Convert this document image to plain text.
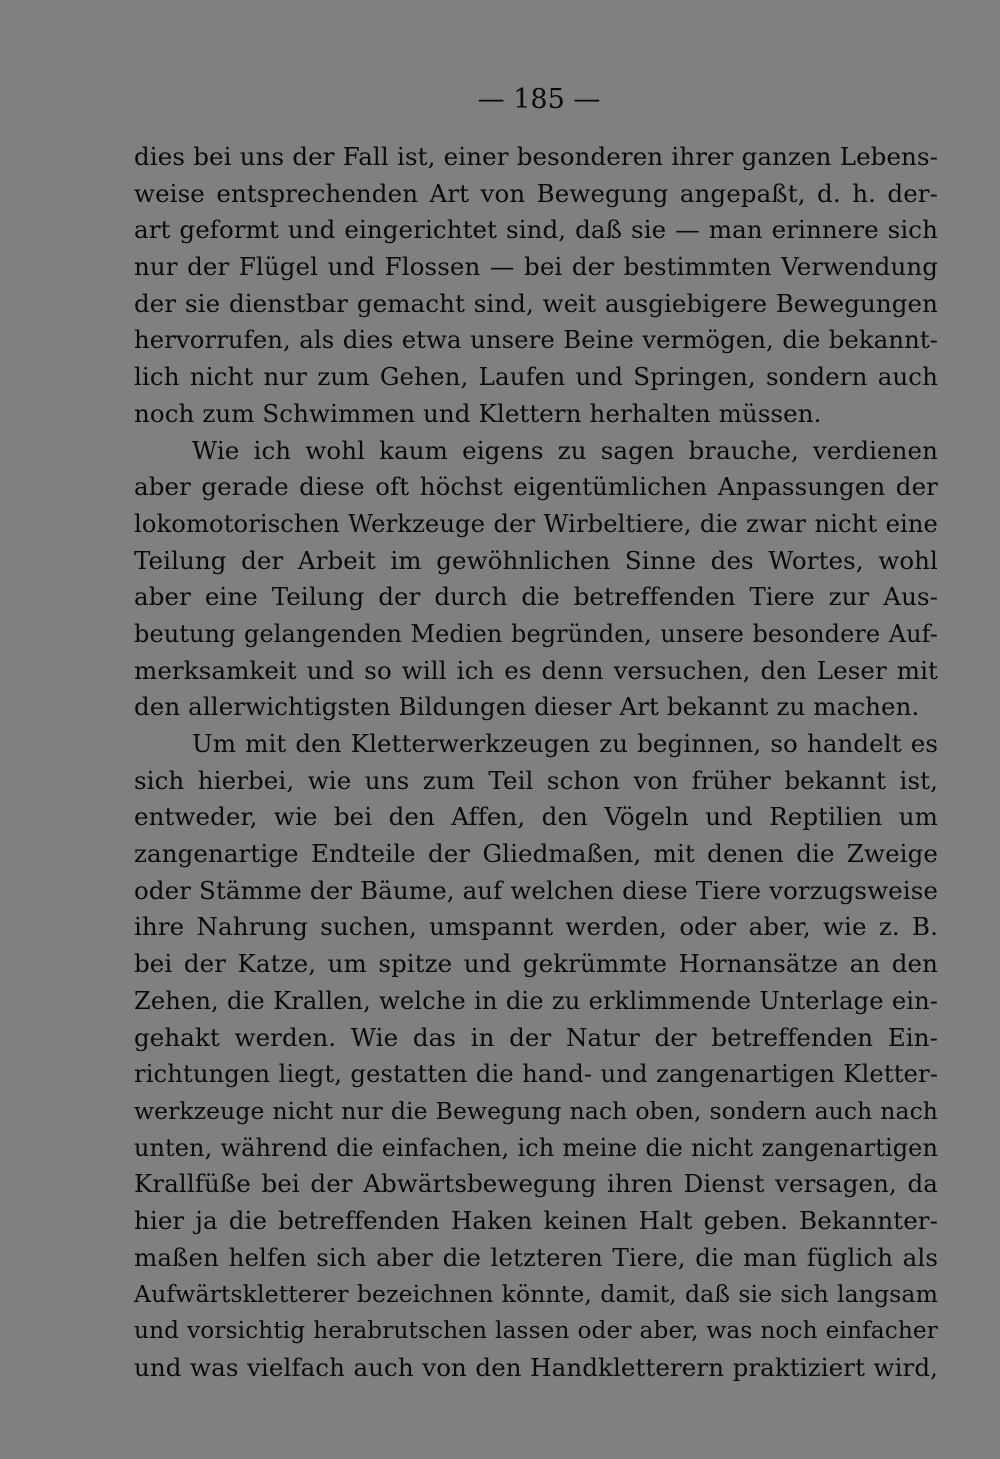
— 185 —
dies bei uns der Fall ist, einer besonderen ihrer ganzen Lebens-
weise entsprechenden Art von Bewegung angepaßt, d. h. der-
art geformt und eingerichtet sind, daß sie — man erinnere sich
nur der Flügel und Flossen — bei der bestimmten Verwendung
der sie dienstbar gemacht sind, weit ausgiebigere Bewegungen
hervorrufen, als dies etwa unsere Beine vermögen, die bekannt-
lich nicht nur zum Gehen, Laufen und Springen, sondern auch
noch zum Schwimmen und Klettern herhalten müssen.
Wie ich wohl kaum eigens zu sagen brauche, verdienen
aber gerade diese oft höchst eigentümlichen Anpassungen der
lokomotorischen Werkzeuge der Wirbeltiere, die zwar nicht eine
Teilung der Arbeit im gewöhnlichen Sinne des Wortes, wohl
aber eine Teilung der durch die betreffenden Tiere zur Aus-
beutung gelangenden Medien begründen, unsere besondere Auf-
merksamkeit und so will ich es denn versuchen, den Leser mit
den allerwichtigsten Bildungen dieser Art bekannt zu machen.
Um mit den Kletterwerkzeugen zu beginnen, so handelt es
sich hierbei, wie uns zum Teil schon von früher bekannt ist,
entweder, wie bei den Affen, den Vögeln und Reptilien um
zangenartige Endteile der Gliedmaßen, mit denen die Zweige
oder Stämme der Bäume, auf welchen diese Tiere vorzugsweise
ihre Nahrung suchen, umspannt werden, oder aber, wie z. B.
bei der Katze, um spitze und gekrümmte Hornansätze an den
Zehen, die Krallen, welche in die zu erklimmende Unterlage ein-
gehakt werden. Wie das in der Natur der betreffenden Ein-
richtungen liegt, gestatten die hand- und zangenartigen Kletter-
werkzeuge nicht nur die Bewegung nach oben, sondern auch nach
unten, während die einfachen, ich meine die nicht zangenartigen
Krallfüße bei der Abwärtsbewegung ihren Dienst versagen, da
hier ja die betreffenden Haken keinen Halt geben. Bekannter-
maßen helfen sich aber die letzteren Tiere, die man füglich als
Aufwärtskletterer bezeichnen könnte, damit, daß sie sich langsam
und vorsichtig herabrutschen lassen oder aber, was noch einfacher
und was vielfach auch von den Handkletterern praktiziert wird,
